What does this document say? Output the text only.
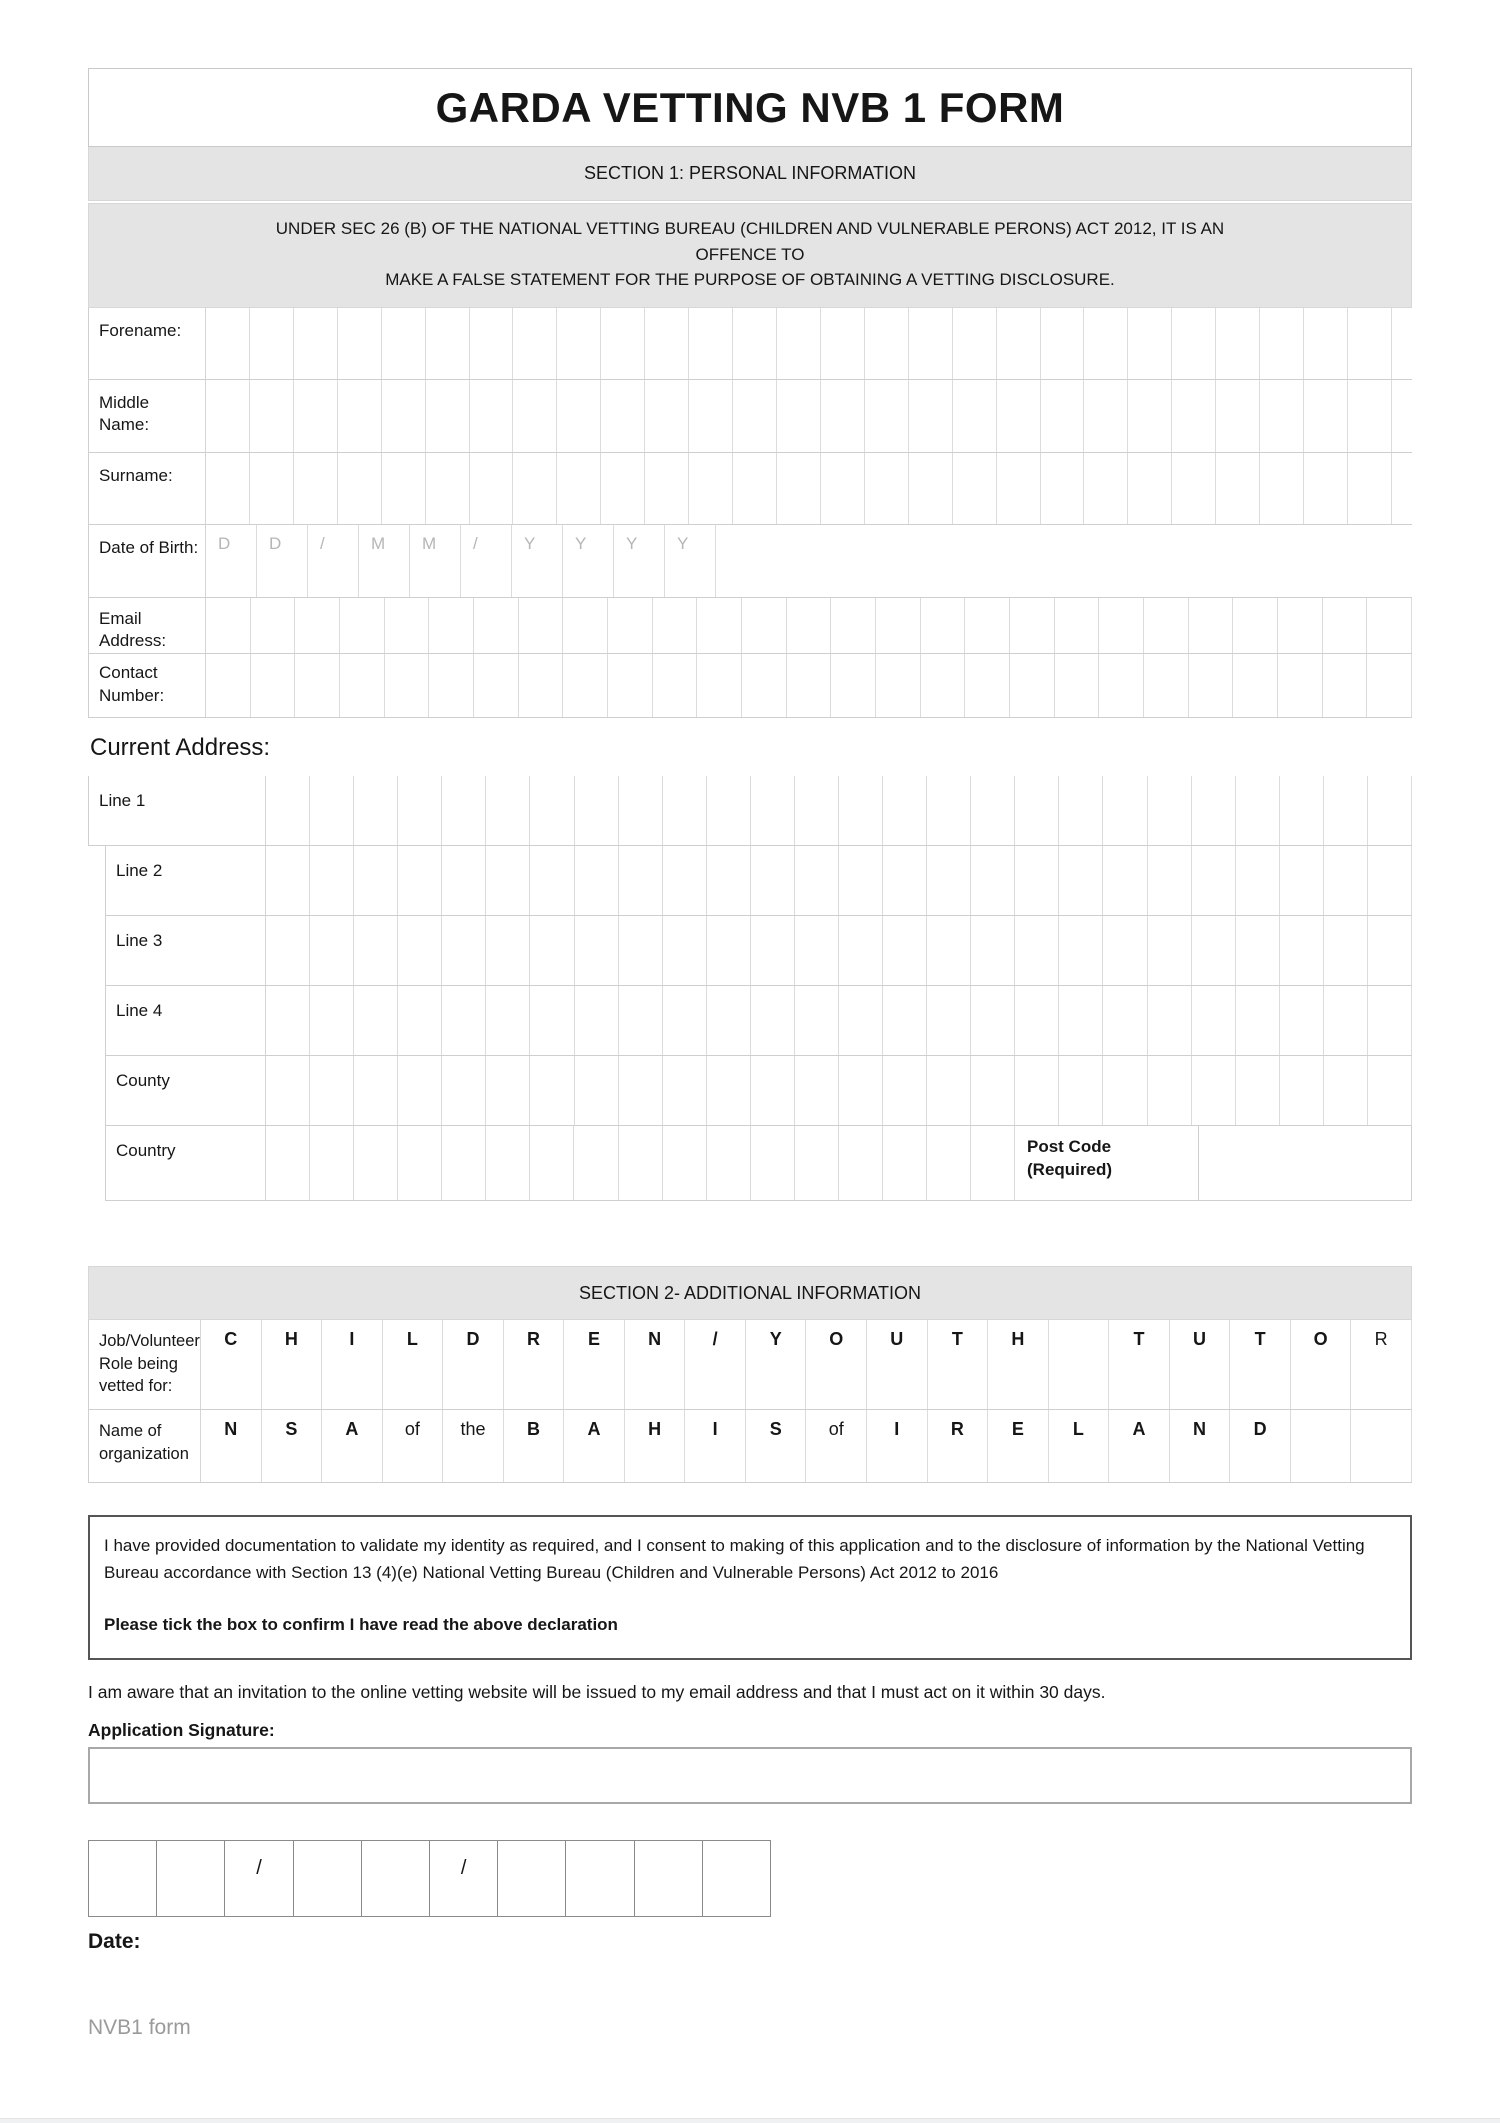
GARDA VETTING NVB 1 FORM
SECTION 1: PERSONAL INFORMATION
UNDER SEC 26 (B) OF THE NATIONAL VETTING BUREAU (CHILDREN AND VULNERABLE PERONS) ACT 2012, IT IS AN
OFFENCE TO
MAKE A FALSE STATEMENT FOR THE PURPOSE OF OBTAINING A VETTING DISCLOSURE.
Forename:
Middle Name:
Surname:
Date of Birth:	D	D	/	M	M	/	Y	Y	Y	Y
Email Address:
Contact Number:
Current Address:
Line 1
Line 2
Line 3
Line 4
County
Country	Post Code (Required)
SECTION 2- ADDITIONAL INFORMATION
Job/Volunteer Role being vetted for:
C	H	I	L	D	R	E	N	/	Y	O	U	T	H	T	U	T	O	R
Name of organization
N	S	A	of	the	B	A	H	I	S	of	I	R	E	L	A	N	D
I have provided documentation to validate my identity as required, and I consent to making of this application and to the disclosure of information by the National Vetting Bureau accordance with Section 13 (4)(e) National Vetting Bureau (Children and Vulnerable Persons) Act 2012 to 2016
Please tick the box to confirm I have read the above declaration
I am aware that an invitation to the online vetting website will be issued to my email address and that I must act on it within 30 days.
Application Signature:
/	/
Date:
NVB1 form
